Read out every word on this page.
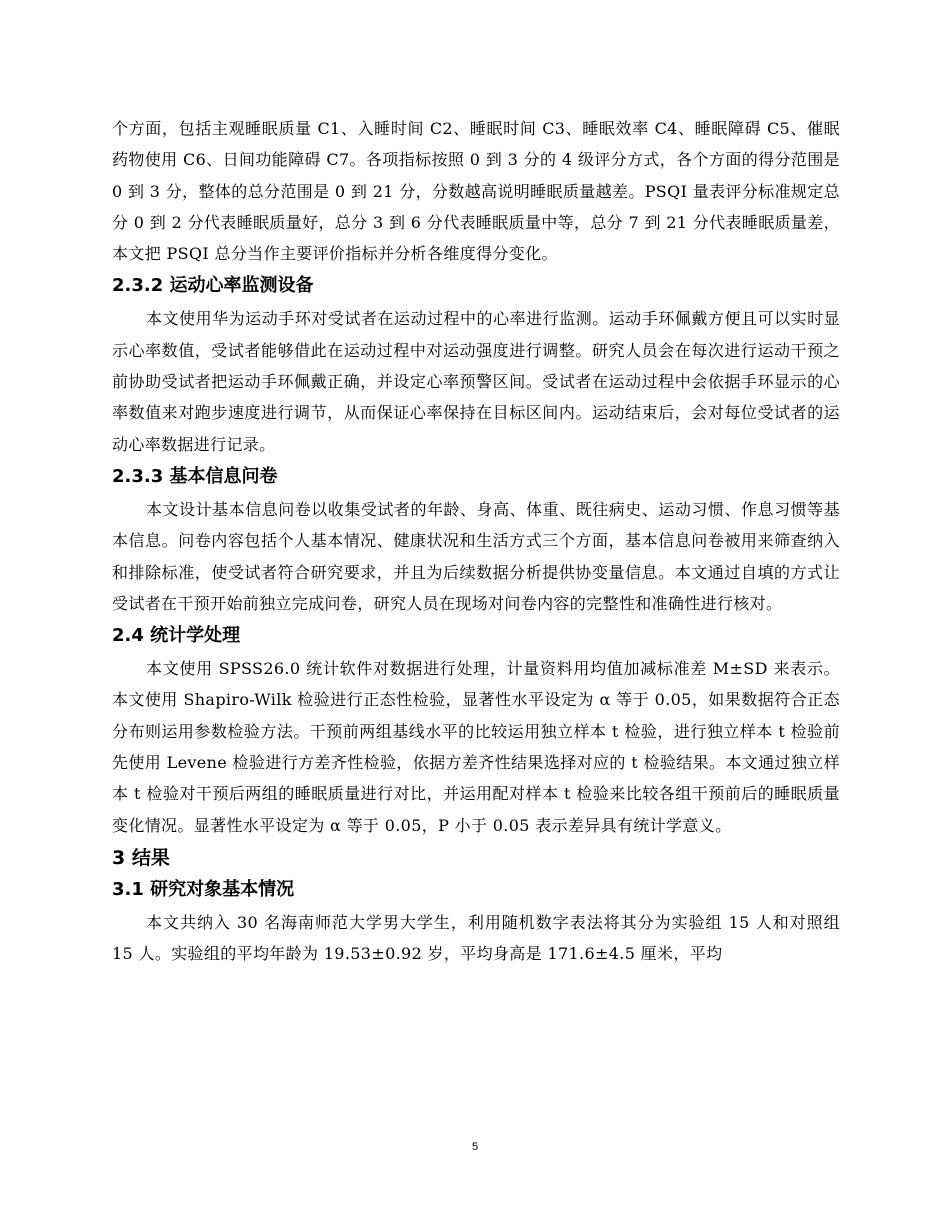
个方面，包括主观睡眠质量 C1、入睡时间 C2、睡眠时间 C3、睡眠效率 C4、睡眠障碍 C5、催眠药物使用 C6、日间功能障碍 C7。各项指标按照 0 到 3 分的 4 级评分方式，各个方面的得分范围是 0 到 3 分，整体的总分范围是 0 到 21 分，分数越高说明睡眠质量越差。PSQI 量表评分标准规定总分 0 到 2 分代表睡眠质量好，总分 3 到 6 分代表睡眠质量中等，总分 7 到 21 分代表睡眠质量差，本文把 PSQI 总分当作主要评价指标并分析各维度得分变化。

2.3.2 运动心率监测设备

本文使用华为运动手环对受试者在运动过程中的心率进行监测。运动手环佩戴方便且可以实时显示心率数值，受试者能够借此在运动过程中对运动强度进行调整。研究人员会在每次进行运动干预之前协助受试者把运动手环佩戴正确，并设定心率预警区间。受试者在运动过程中会依据手环显示的心率数值来对跑步速度进行调节，从而保证心率保持在目标区间内。运动结束后，会对每位受试者的运动心率数据进行记录。

2.3.3 基本信息问卷

本文设计基本信息问卷以收集受试者的年龄、身高、体重、既往病史、运动习惯、作息习惯等基本信息。问卷内容包括个人基本情况、健康状况和生活方式三个方面，基本信息问卷被用来筛查纳入和排除标准，使受试者符合研究要求，并且为后续数据分析提供协变量信息。本文通过自填的方式让受试者在干预开始前独立完成问卷，研究人员在现场对问卷内容的完整性和准确性进行核对。

2.4 统计学处理

本文使用 SPSS26.0 统计软件对数据进行处理，计量资料用均值加减标准差 M±SD 来表示。本文使用 Shapiro-Wilk 检验进行正态性检验，显著性水平设定为 α 等于 0.05，如果数据符合正态分布则运用参数检验方法。干预前两组基线水平的比较运用独立样本 t 检验，进行独立样本 t 检验前先使用 Levene 检验进行方差齐性检验，依据方差齐性结果选择对应的 t 检验结果。本文通过独立样本 t 检验对干预后两组的睡眠质量进行对比，并运用配对样本 t 检验来比较各组干预前后的睡眠质量变化情况。显著性水平设定为 α 等于 0.05，P 小于 0.05 表示差异具有统计学意义。

3 结果
3.1 研究对象基本情况

本文共纳入 30 名海南师范大学男大学生，利用随机数字表法将其分为实验组 15 人和对照组 15 人。实验组的平均年龄为 19.53±0.92 岁，平均身高是 171.6±4.5 厘米，平均

5
